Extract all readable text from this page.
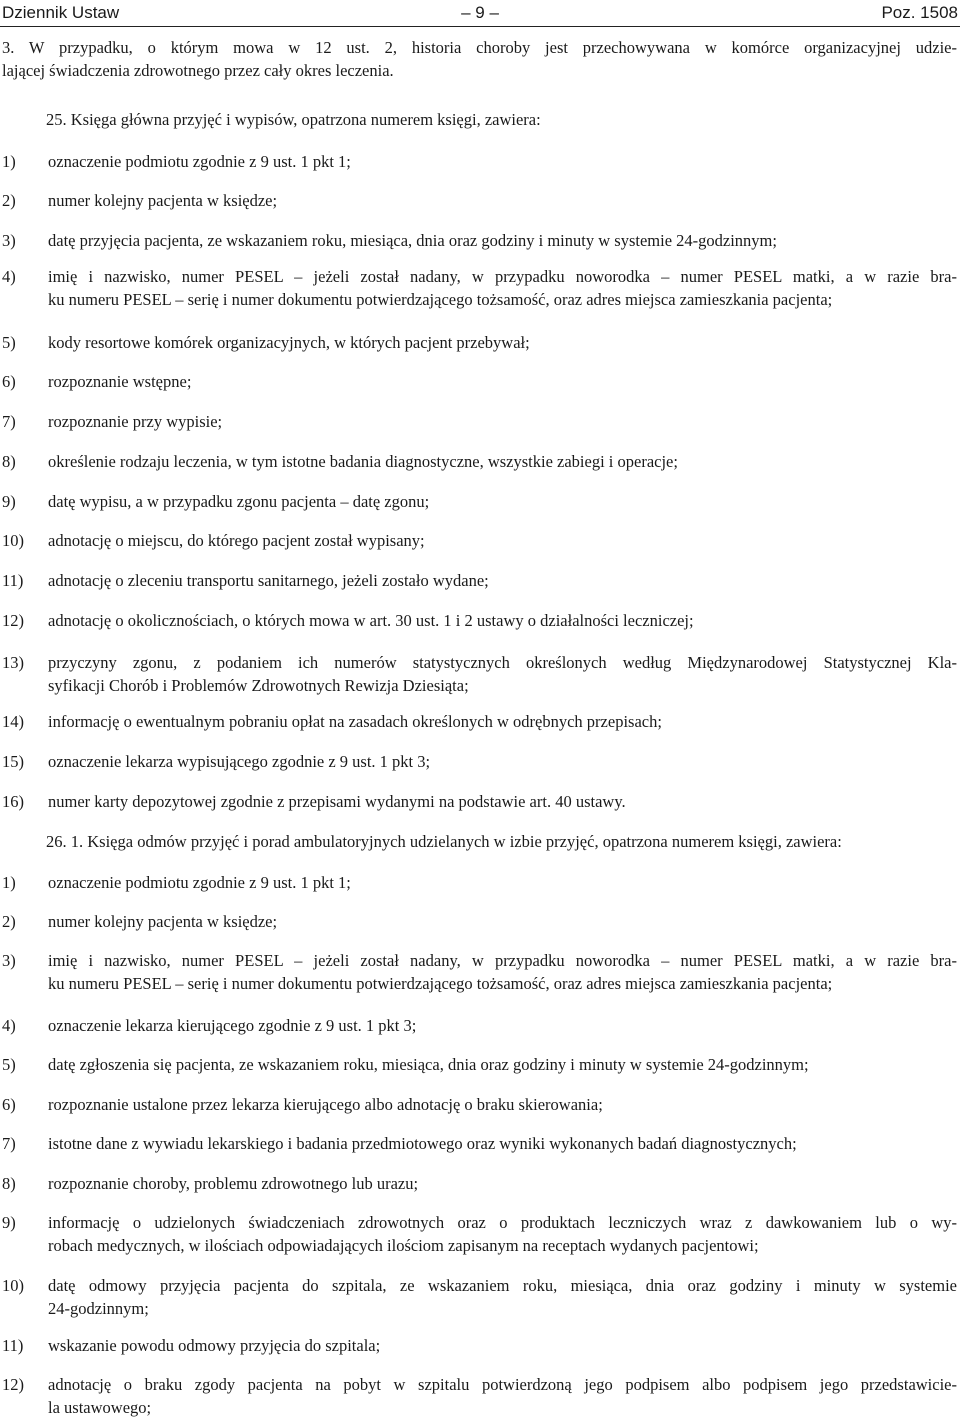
– 9 –
Dziennik Ustaw	Poz. 1508
3. W przypadku, o którym mowa w 12 ust. 2, historia choroby jest przechowywana w komórce organizacyjnej udzie-
lającej świadczenia zdrowotnego przez cały okres leczenia.
25. Księga główna przyjęć i wypisów, opatrzona numerem księgi, zawiera:
1)	oznaczenie podmiotu zgodnie z 9 ust. 1 pkt 1;
2)	numer kolejny pacjenta w księdze;
3)	datę przyjęcia pacjenta, ze wskazaniem roku, miesiąca, dnia oraz godziny i minuty w systemie 24-godzinnym;
4)	imię i nazwisko, numer PESEL – jeżeli został nadany, w przypadku noworodka – numer PESEL matki, a w razie bra-
ku numeru PESEL – serię i numer dokumentu potwierdzającego tożsamość, oraz adres miejsca zamieszkania pacjenta;
5)	kody resortowe komórek organizacyjnych, w których pacjent przebywał;
6)	rozpoznanie wstępne;
7)	rozpoznanie przy wypisie;
8)	określenie rodzaju leczenia, w tym istotne badania diagnostyczne, wszystkie zabiegi i operacje;
9)	datę wypisu, a w przypadku zgonu pacjenta – datę zgonu;
10)	adnotację o miejscu, do którego pacjent został wypisany;
11)	adnotację o zleceniu transportu sanitarnego, jeżeli zostało wydane;
12)	adnotację o okolicznościach, o których mowa w art. 30 ust. 1 i 2 ustawy o działalności leczniczej;
13)	przyczyny zgonu, z podaniem ich numerów statystycznych określonych według Międzynarodowej Statystycznej Kla-
syfikacji Chorób i Problemów Zdrowotnych Rewizja Dziesiąta;
14)	informację o ewentualnym pobraniu opłat na zasadach określonych w odrębnych przepisach;
15)	oznaczenie lekarza wypisującego zgodnie z 9 ust. 1 pkt 3;
16)	numer karty depozytowej zgodnie z przepisami wydanymi na podstawie art. 40 ustawy.
26. 1. Księga odmów przyjęć i porad ambulatoryjnych udzielanych w izbie przyjęć, opatrzona numerem księgi, zawiera:
1)	oznaczenie podmiotu zgodnie z 9 ust. 1 pkt 1;
2)	numer kolejny pacjenta w księdze;
3)	imię i nazwisko, numer PESEL – jeżeli został nadany, w przypadku noworodka – numer PESEL matki, a w razie bra-
ku numeru PESEL – serię i numer dokumentu potwierdzającego tożsamość, oraz adres miejsca zamieszkania pacjenta;
4)	oznaczenie lekarza kierującego zgodnie z 9 ust. 1 pkt 3;
5)	datę zgłoszenia się pacjenta, ze wskazaniem roku, miesiąca, dnia oraz godziny i minuty w systemie 24-godzinnym;
6)	rozpoznanie ustalone przez lekarza kierującego albo adnotację o braku skierowania;
7)	istotne dane z wywiadu lekarskiego i badania przedmiotowego oraz wyniki wykonanych badań diagnostycznych;
8)	rozpoznanie choroby, problemu zdrowotnego lub urazu;
9)	informację o udzielonych świadczeniach zdrowotnych oraz o produktach leczniczych wraz z dawkowaniem lub o wy-
robach medycznych, w ilościach odpowiadających ilościom zapisanym na receptach wydanych pacjentowi;
10)	datę odmowy przyjęcia pacjenta do szpitala, ze wskazaniem roku, miesiąca, dnia oraz godziny i minuty w systemie
24-godzinnym;
11)	wskazanie powodu odmowy przyjęcia do szpitala;
12)	adnotację o braku zgody pacjenta na pobyt w szpitalu potwierdzoną jego podpisem albo podpisem jego przedstawicie-
la ustawowego;
